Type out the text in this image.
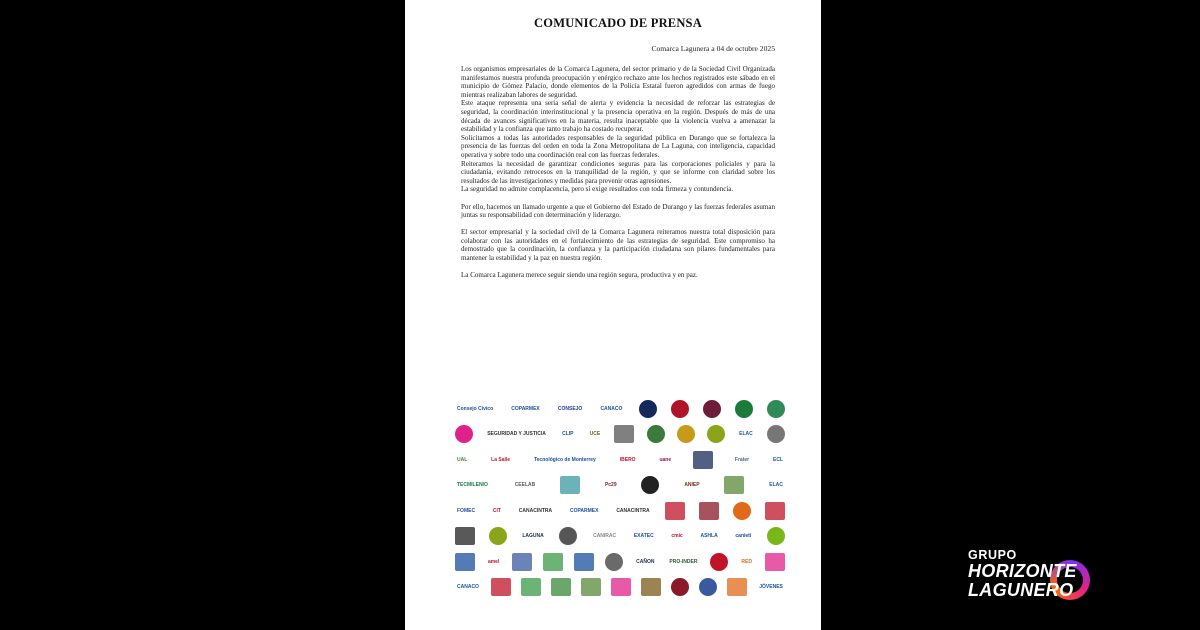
COMUNICADO DE PRENSA
Comarca Lagunera a 04 de octubre 2025

Los organismos empresariales de la Comarca Lagunera, del sector primario y de la Sociedad Civil Organizada manifestamos nuestra profunda preocupación y enérgico rechazo ante los hechos registrados este sábado en el municipio de Gómez Palacio, donde elementos de la Policía Estatal fueron agredidos con armas de fuego mientras realizaban labores de seguridad.

Este ataque representa una seria señal de alerta y evidencia la necesidad de reforzar las estrategias de seguridad, la coordinación interinstitucional y la presencia operativa en la región. Después de más de una década de avances significativos en la materia, resulta inaceptable que la violencia vuelva a amenazar la estabilidad y la confianza que tanto trabajo ha costado recuperar.

Solicitamos a todas las autoridades responsables de la seguridad pública en Durango que se fortalezca la presencia de las fuerzas del orden en toda la Zona Metropolitana de La Laguna, con inteligencia, capacidad operativa y sobre todo una coordinación real con las fuerzas federales.

Reiteramos la necesidad de garantizar condiciones seguras para las corporaciones policiales y para la ciudadanía, evitando retrocesos en la tranquilidad de la región, y que se informe con claridad sobre los resultados de las investigaciones y medidas para prevenir otras agresiones.

La seguridad no admite complacencia, pero sí exige resultados con toda firmeza y contundencia.

Por ello, hacemos un llamado urgente a que el Gobierno del Estado de Durango y las fuerzas federales asuman juntas su responsabilidad con determinación y liderazgo.

El sector empresarial y la sociedad civil de la Comarca Lagunera reiteramos nuestra total disposición para colaborar con las autoridades en el fortalecimiento de las estrategias de seguridad. Este compromiso ha demostrado que la coordinación, la confianza y la participación ciudadana son pilares fundamentales para mantener la estabilidad y la paz en nuestra región.

La Comarca Lagunera merece seguir siendo una región segura, productiva y en paz.

Consejo Cívico	COPARMEX	CONSEJO	CANACO
SEGURIDAD Y JUSTICIA	CLIP	UCE	ELAC
UAL	La Salle	Tecnológico de Monterrey	IBERO	uane	Frater	ECL
TECMILENIO	CEELAB	Pc29	ANIEP	ELAC
FOMEC	CIT	CANACINTRA	COPARMEX	CANACINTRA
LAGUNA	CANIRAC	EXATEC	cmic	ASHLA	canieti
amel	CAÑON	PRO-INDER	RED
CANACO	JÓVENES
GRUPO
HORIZONTE
LAGUNERO
